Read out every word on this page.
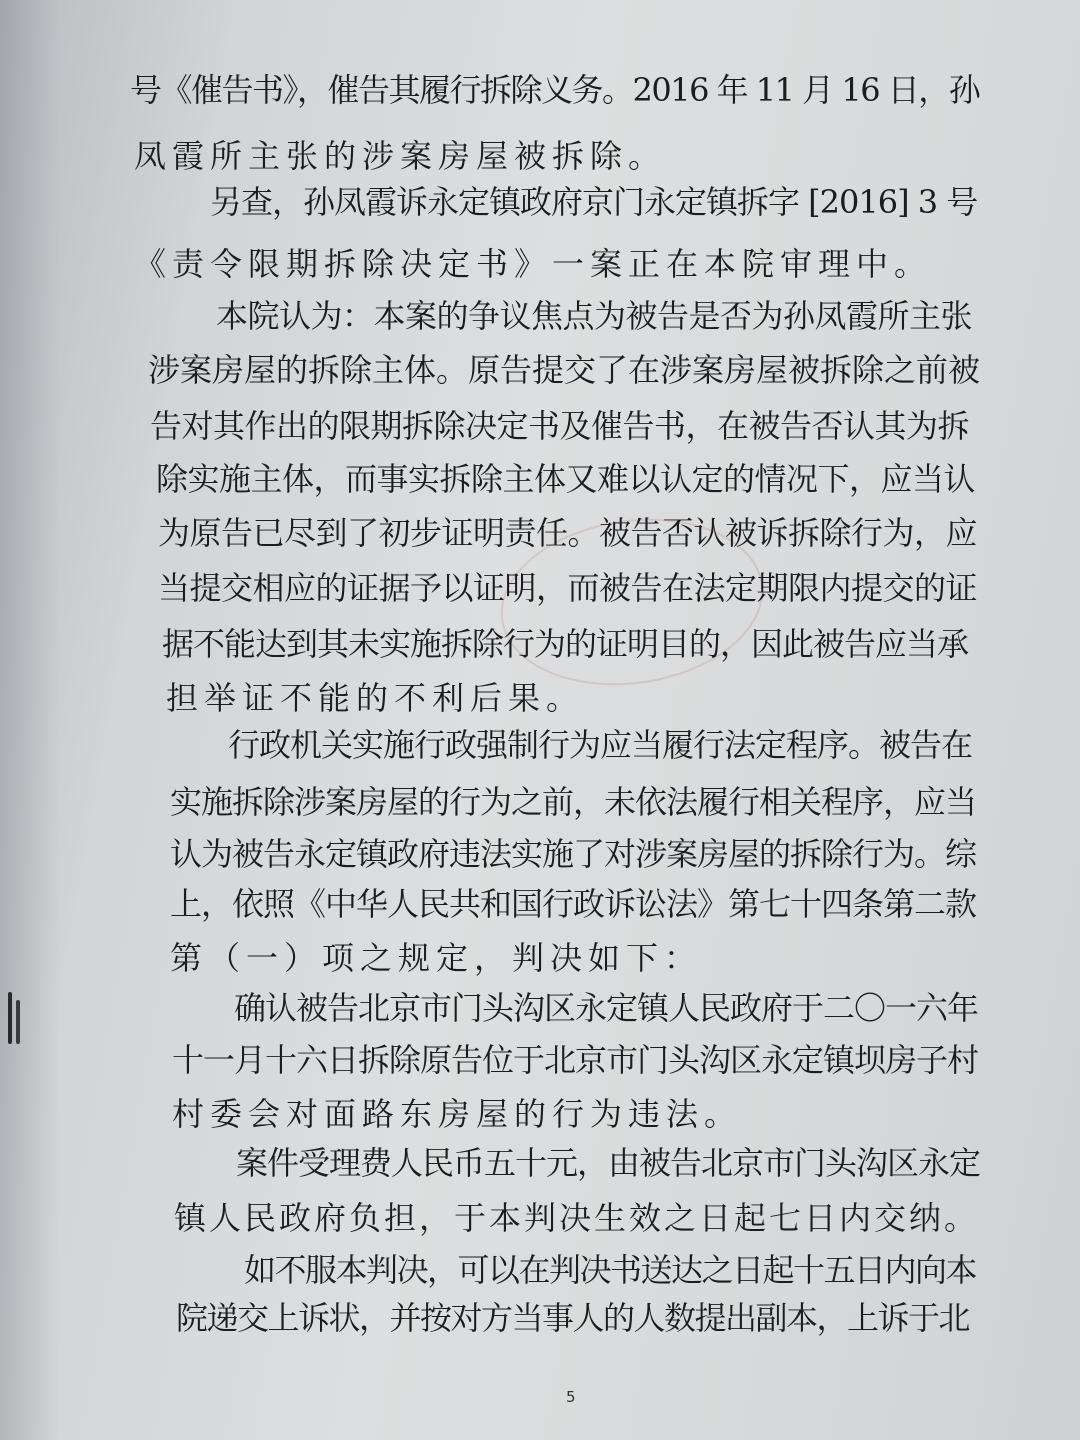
号《催告书》，催告其履行拆除义务。2016 年 11 月 16 日，孙
凤霞所主张的涉案房屋被拆除。
另查，孙凤霞诉永定镇政府京门永定镇拆字 [2016] 3 号
《责令限期拆除决定书》一案正在本院审理中。
本院认为：本案的争议焦点为被告是否为孙凤霞所主张
涉案房屋的拆除主体。原告提交了在涉案房屋被拆除之前被
告对其作出的限期拆除决定书及催告书，在被告否认其为拆
除实施主体，而事实拆除主体又难以认定的情况下，应当认
为原告已尽到了初步证明责任。被告否认被诉拆除行为，应
当提交相应的证据予以证明，而被告在法定期限内提交的证
据不能达到其未实施拆除行为的证明目的，因此被告应当承
担举证不能的不利后果。
行政机关实施行政强制行为应当履行法定程序。被告在
实施拆除涉案房屋的行为之前，未依法履行相关程序，应当
认为被告永定镇政府违法实施了对涉案房屋的拆除行为。综
上，依照《中华人民共和国行政诉讼法》第七十四条第二款
第（一）项之规定，判决如下：
确认被告北京市门头沟区永定镇人民政府于二〇一六年
十一月十六日拆除原告位于北京市门头沟区永定镇坝房子村
村委会对面路东房屋的行为违法。
案件受理费人民币五十元，由被告北京市门头沟区永定
镇人民政府负担，于本判决生效之日起七日内交纳。
如不服本判决，可以在判决书送达之日起十五日内向本
院递交上诉状，并按对方当事人的人数提出副本，上诉于北
5
